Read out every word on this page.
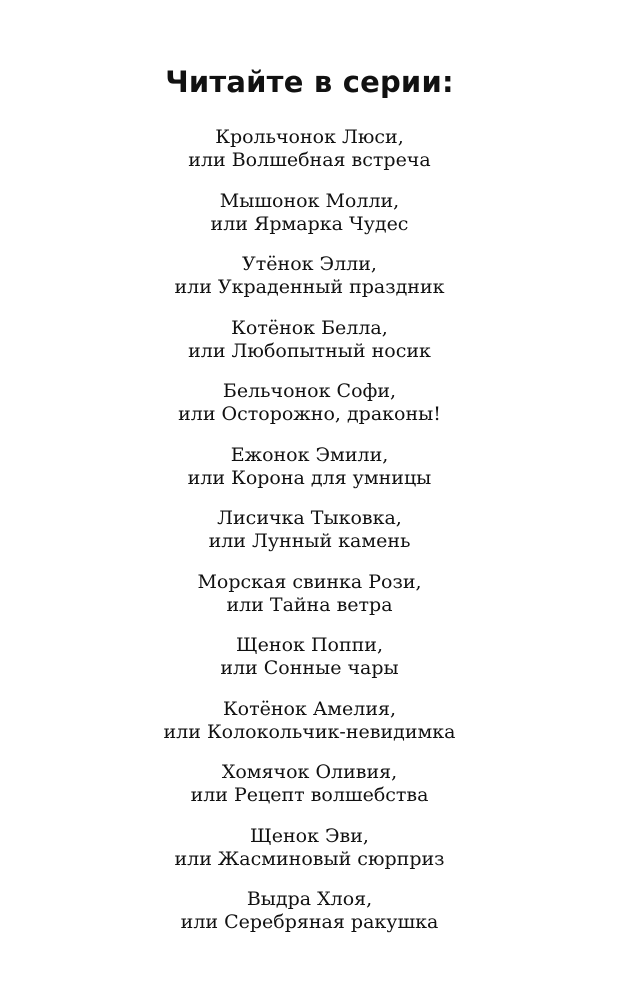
Читайте в серии:
Крольчонок Люси,
или Волшебная встреча
Мышонок Молли,
или Ярмарка Чудес
Утёнок Элли,
или Украденный праздник
Котёнок Белла,
или Любопытный носик
Бельчонок Софи,
или Осторожно, драконы!
Ежонок Эмили,
или Корона для умницы
Лисичка Тыковка,
или Лунный камень
Морская свинка Рози,
или Тайна ветра
Щенок Поппи,
или Сонные чары
Котёнок Амелия,
или Колокольчик-невидимка
Хомячок Оливия,
или Рецепт волшебства
Щенок Эви,
или Жасминовый сюрприз
Выдра Хлоя,
или Серебряная ракушка
